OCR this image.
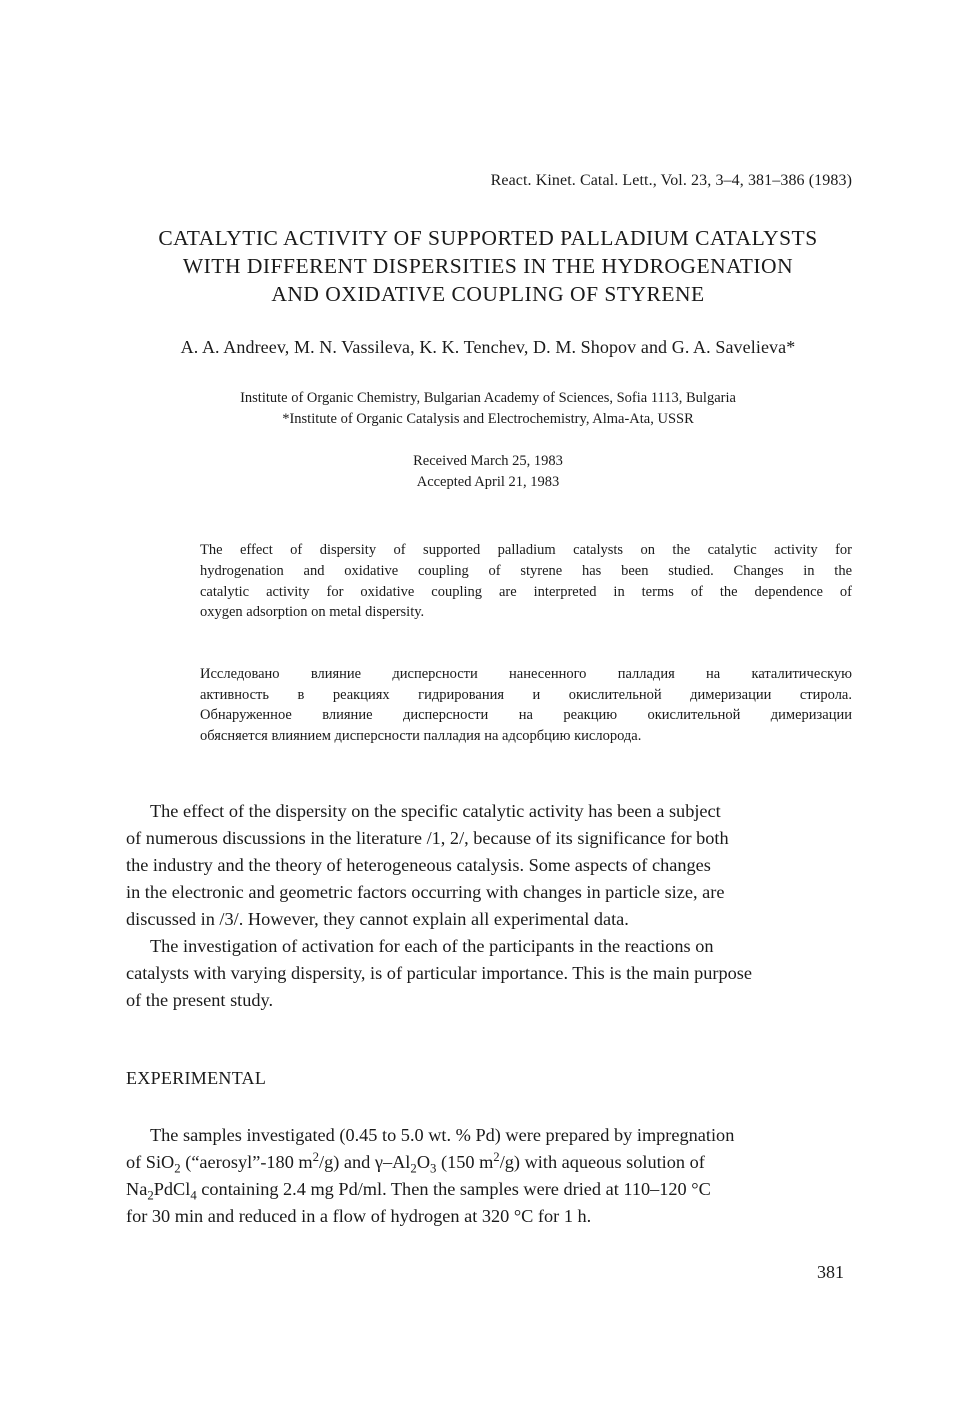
React. Kinet. Catal. Lett., Vol. 23, 3–4, 381–386 (1983)

CATALYTIC ACTIVITY OF SUPPORTED PALLADIUM CATALYSTS
WITH DIFFERENT DISPERSITIES IN THE HYDROGENATION
AND OXIDATIVE COUPLING OF STYRENE

A. A. Andreev, M. N. Vassileva, K. K. Tenchev, D. M. Shopov and G. A. Savelieva*

Institute of Organic Chemistry, Bulgarian Academy of Sciences, Sofia 1113, Bulgaria
*Institute of Organic Catalysis and Electrochemistry, Alma-Ata, USSR
Received March 25, 1983
Accepted April 21, 1983
The effect of dispersity of supported palladium catalysts on the catalytic activity for
hydrogenation and oxidative coupling of styrene has been studied. Changes in the
catalytic activity for oxidative coupling are interpreted in terms of the dependence of
oxygen adsorption on metal dispersity.
Исследовано влияние дисперсности нанесенного палладия на каталитическую
активность в реакциях гидрирования и окислительной димеризации стирола.
Обнаруженное влияние дисперсности на реакцию окислительной димеризации
обясняется влиянием дисперсности палладия на адсорбцию кислорода.
The effect of the dispersity on the specific catalytic activity has been a subject
of numerous discussions in the literature /1, 2/, because of its significance for both
the industry and the theory of heterogeneous catalysis. Some aspects of changes
in the electronic and geometric factors occurring with changes in particle size, are
discussed in /3/. However, they cannot explain all experimental data.
The investigation of activation for each of the participants in the reactions on
catalysts with varying dispersity, is of particular importance. This is the main purpose
of the present study.

EXPERIMENTAL

The samples investigated (0.45 to 5.0 wt. % Pd) were prepared by impregnation
of SiO$_2$ (“aerosyl”-180 $m^2/g$) and $\gamma-Al_2O_3$ (150 $m^2/g$) with aqueous solution of
$Na_2PdCl_4$ containing 2.4 mg Pd/ml. Then the samples were dried at 110–120 °C
for 30 min and reduced in a flow of hydrogen at 320 °C for 1 h.

381
